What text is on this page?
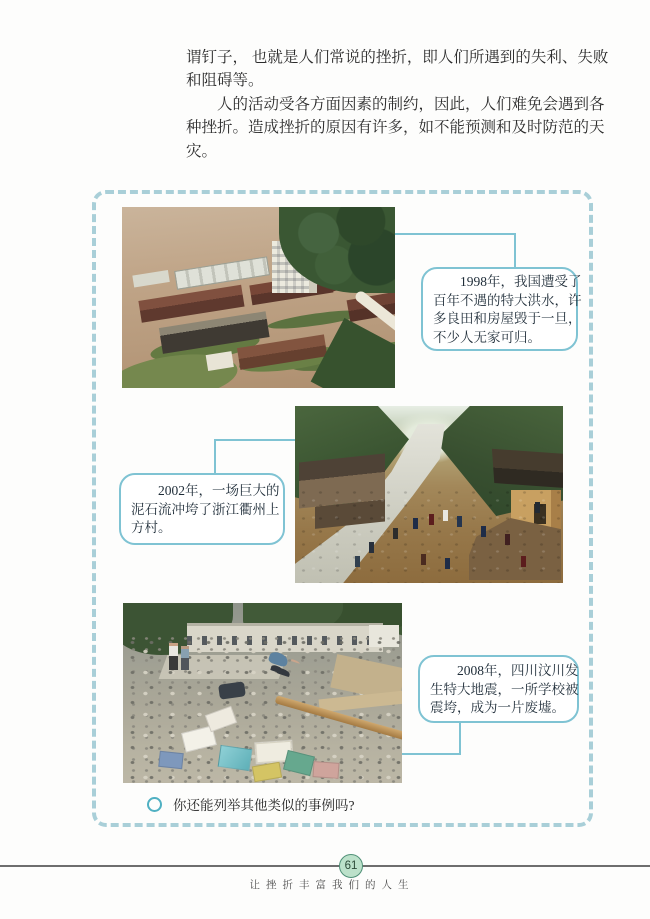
谓钉子， 也就是人们常说的挫折，即人们所遇到的失利、失败
和阻碍等。
人的活动受各方面因素的制约，因此，人们难免会遇到各
种挫折。造成挫折的原因有许多，如不能预测和及时防范的天
灾。
1998年，我国遭受了
百年不遇的特大洪水，许
多良田和房屋毁于一旦，
不少人无家可归。
2002年，一场巨大的
泥石流冲垮了浙江衢州上
方村。
2008年，四川汶川发
生特大地震，一所学校被
震垮，成为一片废墟。
你还能列举其他类似的事例吗?
61
让挫折丰富我们的人生
